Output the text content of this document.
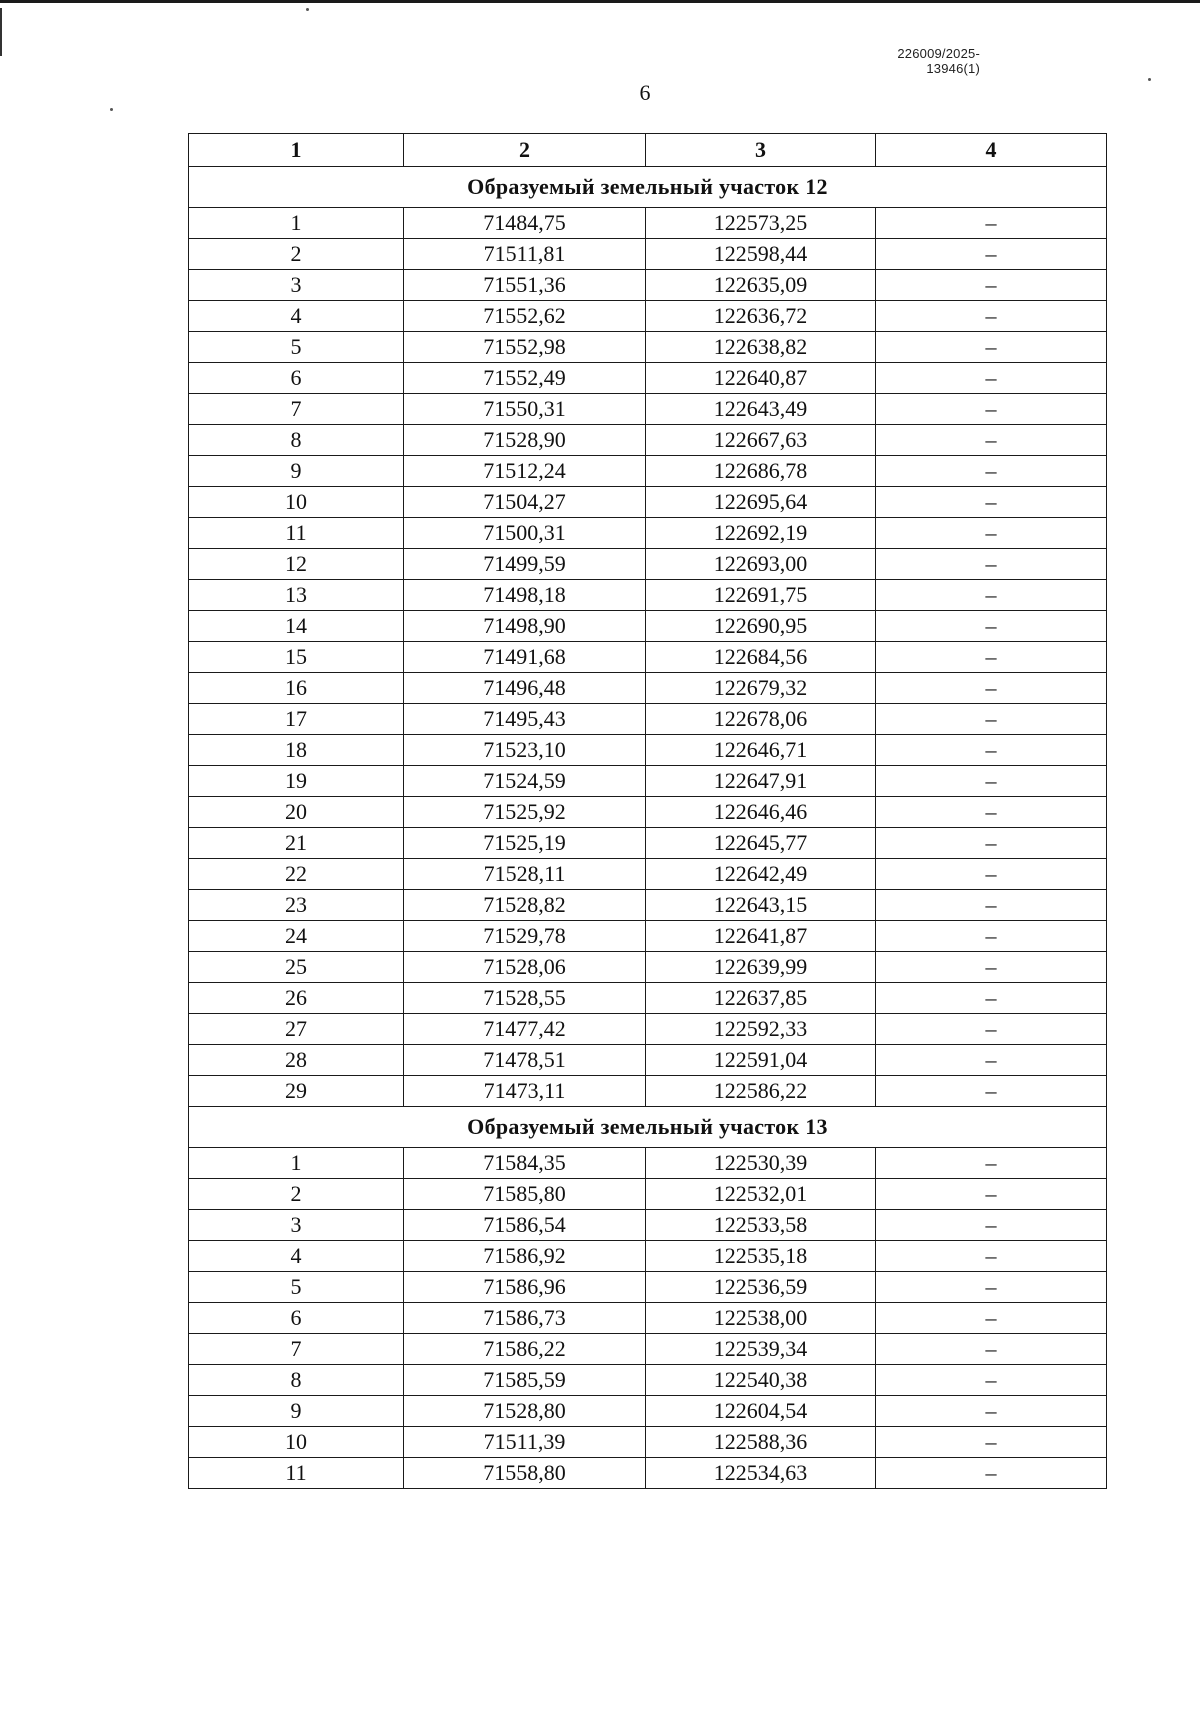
226009/2025-13946(1)
6
1	2	3	4
Образуемый земельный участок 12			
1	71484,75	122573,25	–
2	71511,81	122598,44	–
3	71551,36	122635,09	–
4	71552,62	122636,72	–
5	71552,98	122638,82	–
6	71552,49	122640,87	–
7	71550,31	122643,49	–
8	71528,90	122667,63	–
9	71512,24	122686,78	–
10	71504,27	122695,64	–
11	71500,31	122692,19	–
12	71499,59	122693,00	–
13	71498,18	122691,75	–
14	71498,90	122690,95	–
15	71491,68	122684,56	–
16	71496,48	122679,32	–
17	71495,43	122678,06	–
18	71523,10	122646,71	–
19	71524,59	122647,91	–
20	71525,92	122646,46	–
21	71525,19	122645,77	–
22	71528,11	122642,49	–
23	71528,82	122643,15	–
24	71529,78	122641,87	–
25	71528,06	122639,99	–
26	71528,55	122637,85	–
27	71477,42	122592,33	–
28	71478,51	122591,04	–
29	71473,11	122586,22	–
Образуемый земельный участок 13			
1	71584,35	122530,39	–
2	71585,80	122532,01	–
3	71586,54	122533,58	–
4	71586,92	122535,18	–
5	71586,96	122536,59	–
6	71586,73	122538,00	–
7	71586,22	122539,34	–
8	71585,59	122540,38	–
9	71528,80	122604,54	–
10	71511,39	122588,36	–
11	71558,80	122534,63	–
